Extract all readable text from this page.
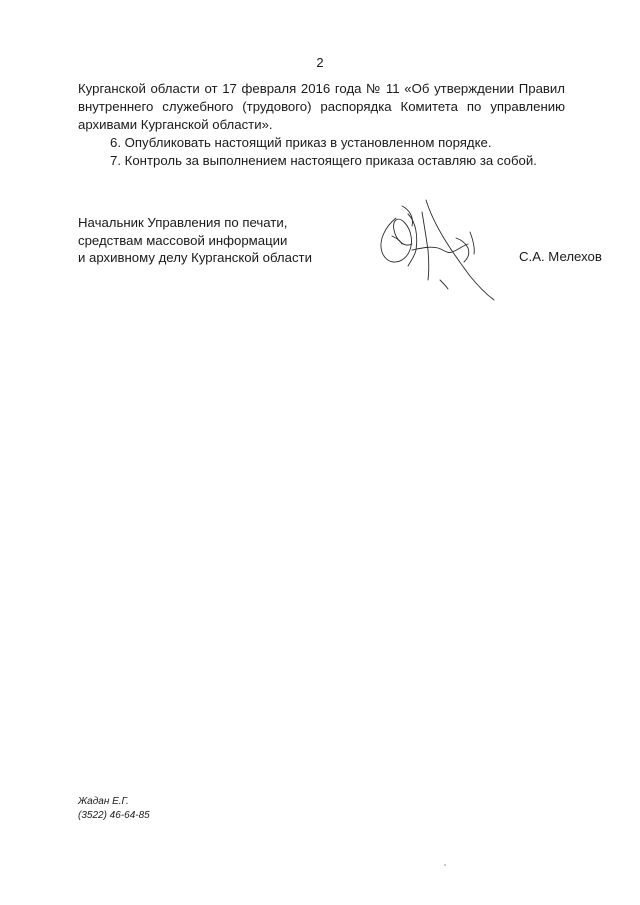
2

Курганской области от 17 февраля 2016 года № 11 «Об утверждении Правил внутреннего служебного (трудового) распорядка Комитета по управлению архивами Курганской области».

6. Опубликовать настоящий приказ в установленном порядке.

7. Контроль за выполнением настоящего приказа оставляю за собой.

Начальник Управления по печати,
средствам массовой информации
и архивному делу Курганской области	С.А. Мелехов
Жадан Е.Г.
(3522) 46-64-85
